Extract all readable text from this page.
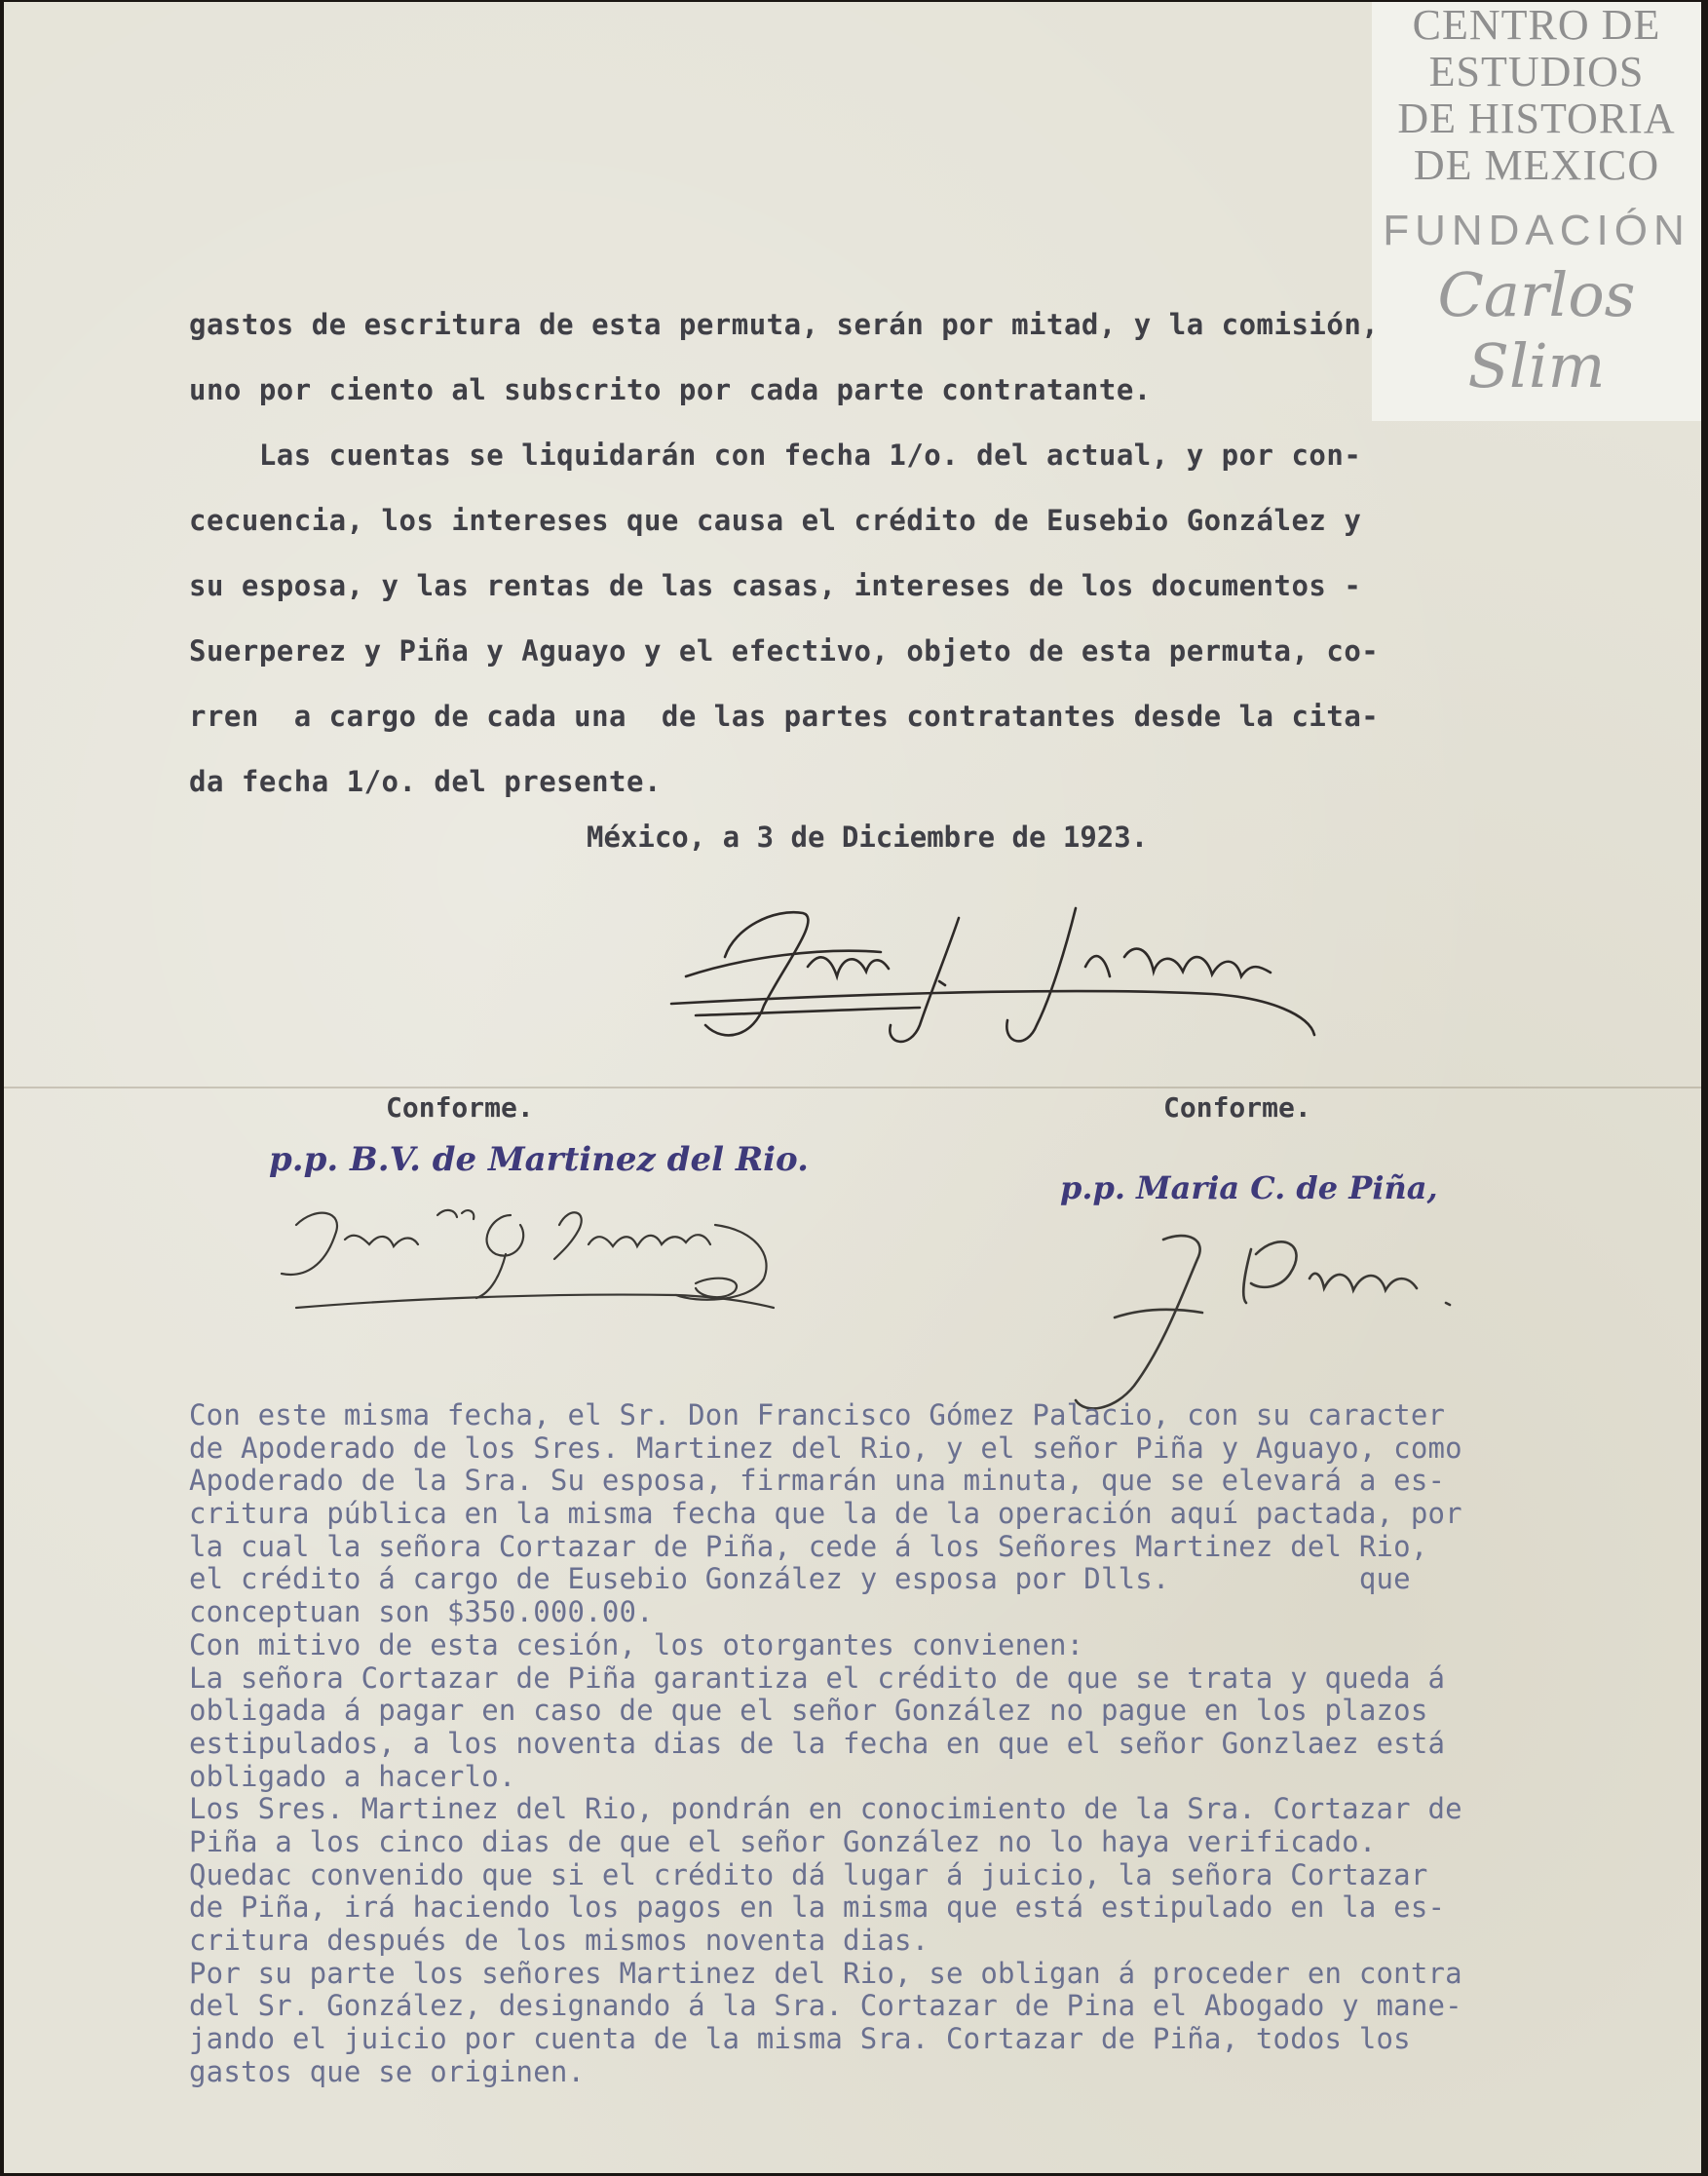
CENTRO DE
ESTUDIOS
DE HISTORIA
DE MEXICO
FUNDACIÓN
Carlos Slim
gastos de escritura de esta permuta, serán por mitad, y la comisión,
uno por ciento al subscrito por cada parte contratante.
Las cuentas se liquidarán con fecha 1/o. del actual, y por con-
cecuencia, los intereses que causa el crédito de Eusebio González y
su esposa, y las rentas de las casas, intereses de los documentos -
Suerperez y Piña y Aguayo y el efectivo, objeto de esta permuta, co-
rren  a cargo de cada una  de las partes contratantes desde la cita-
da fecha 1/o. del presente.
México, a 3 de Diciembre de 1923.
Conforme.	Conforme.
p.p. B.V. de Martinez del Rio.
p.p. Maria C. de Piña,
Con este misma fecha, el Sr. Don Francisco Gómez Palacio, con su caracter
de Apoderado de los Sres. Martinez del Rio, y el señor Piña y Aguayo, como
Apoderado de la Sra. Su esposa, firmarán una minuta, que se elevará a es-
critura pública en la misma fecha que la de la operación aquí pactada, por
la cual la señora Cortazar de Piña, cede á los Señores Martinez del Rio,
el crédito á cargo de Eusebio González y esposa por Dlls.           que
conceptuan son $350.000.00.
Con mitivo de esta cesión, los otorgantes convienen:
La señora Cortazar de Piña garantiza el crédito de que se trata y queda á
obligada á pagar en caso de que el señor González no pague en los plazos
estipulados, a los noventa dias de la fecha en que el señor Gonzlaez está
obligado a hacerlo.
Los Sres. Martinez del Rio, pondrán en conocimiento de la Sra. Cortazar de
Piña a los cinco dias de que el señor González no lo haya verificado.
Quedac convenido que si el crédito dá lugar á juicio, la señora Cortazar
de Piña, irá haciendo los pagos en la misma que está estipulado en la es-
critura después de los mismos noventa dias.
Por su parte los señores Martinez del Rio, se obligan á proceder en contra
del Sr. González, designando á la Sra. Cortazar de Pina el Abogado y mane-
jando el juicio por cuenta de la misma Sra. Cortazar de Piña, todos los
gastos que se originen.
